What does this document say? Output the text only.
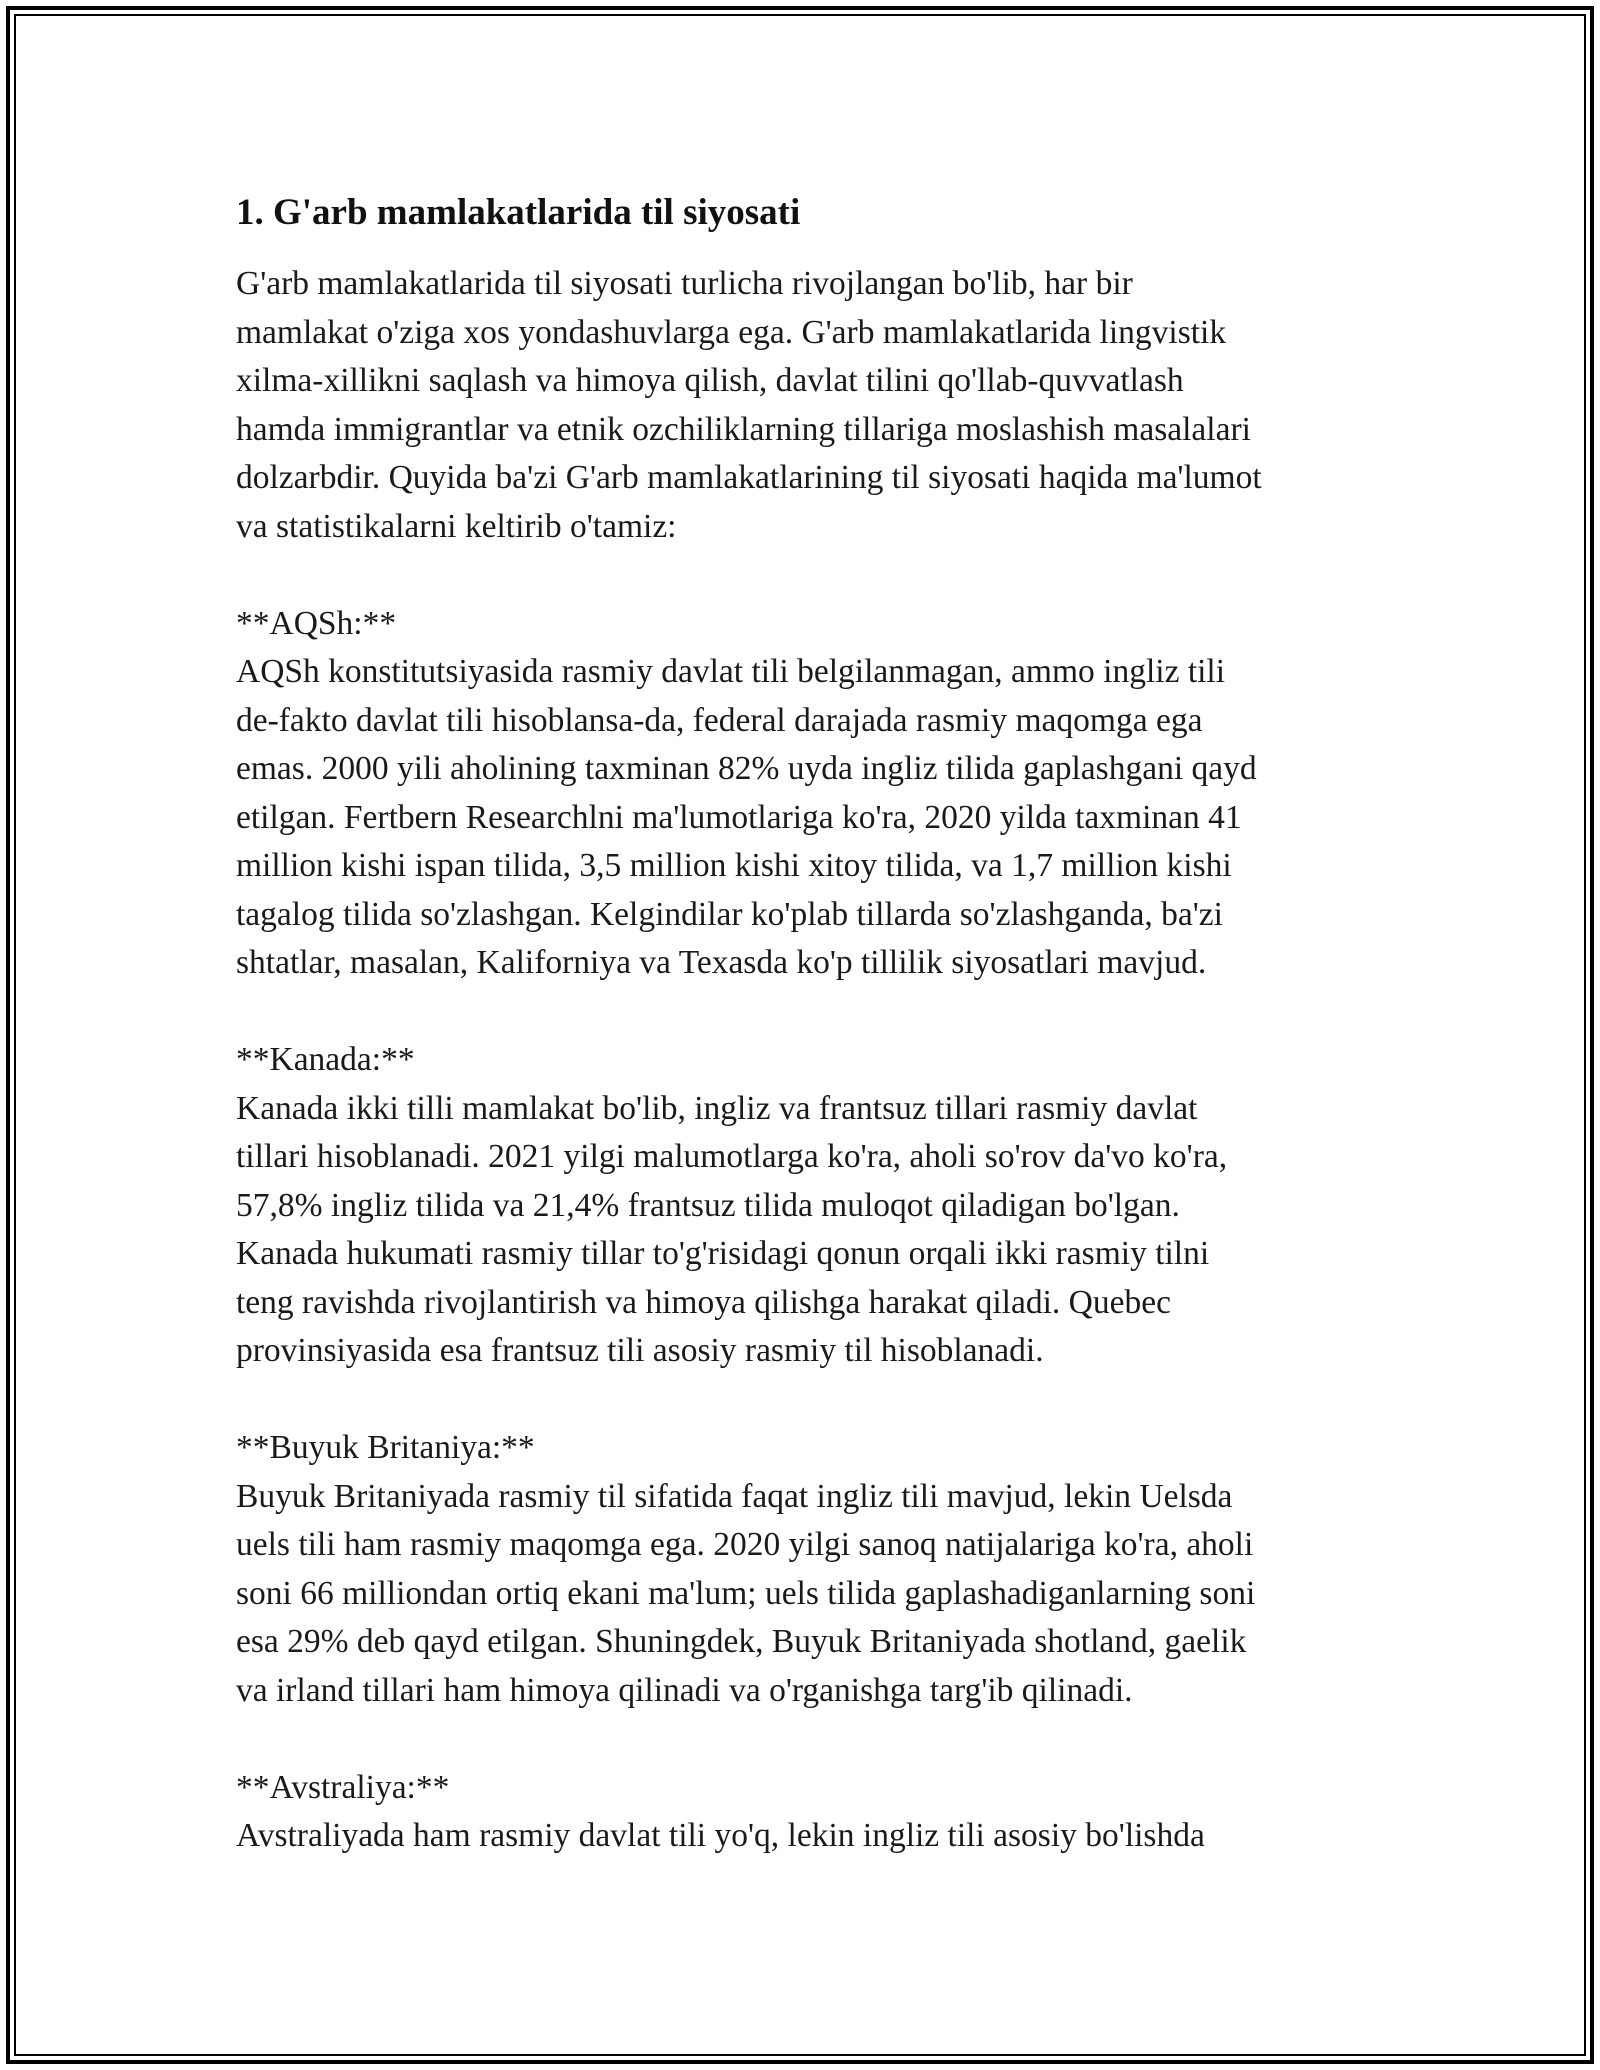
1. G'arb mamlakatlarida til siyosati

G'arb mamlakatlarida til siyosati turlicha rivojlangan bo'lib, har bir
mamlakat o'ziga xos yondashuvlarga ega. G'arb mamlakatlarida lingvistik
xilma-xillikni saqlash va himoya qilish, davlat tilini qo'llab-quvvatlash
hamda immigrantlar va etnik ozchiliklarning tillariga moslashish masalalari
dolzarbdir. Quyida ba'zi G'arb mamlakatlarining til siyosati haqida ma'lumot
va statistikalarni keltirib o'tamiz:

**AQSh:**

AQSh konstitutsiyasida rasmiy davlat tili belgilanmagan, ammo ingliz tili
de-fakto davlat tili hisoblansa-da, federal darajada rasmiy maqomga ega
emas. 2000 yili aholining taxminan 82% uyda ingliz tilida gaplashgani qayd
etilgan. Fertbern Researchlni ma'lumotlariga ko'ra, 2020 yilda taxminan 41
million kishi ispan tilida, 3,5 million kishi xitoy tilida, va 1,7 million kishi
tagalog tilida so'zlashgan. Kelgindilar ko'plab tillarda so'zlashganda, ba'zi
shtatlar, masalan, Kaliforniya va Texasda ko'p tillilik siyosatlari mavjud.

**Kanada:**

Kanada ikki tilli mamlakat bo'lib, ingliz va frantsuz tillari rasmiy davlat
tillari hisoblanadi. 2021 yilgi malumotlarga ko'ra, aholi so'rov da'vo ko'ra,
57,8% ingliz tilida va 21,4% frantsuz tilida muloqot qiladigan bo'lgan.
Kanada hukumati rasmiy tillar to'g'risidagi qonun orqali ikki rasmiy tilni
teng ravishda rivojlantirish va himoya qilishga harakat qiladi. Quebec
provinsiyasida esa frantsuz tili asosiy rasmiy til hisoblanadi.

**Buyuk Britaniya:**

Buyuk Britaniyada rasmiy til sifatida faqat ingliz tili mavjud, lekin Uelsda
uels tili ham rasmiy maqomga ega. 2020 yilgi sanoq natijalariga ko'ra, aholi
soni 66 milliondan ortiq ekani ma'lum; uels tilida gaplashadiganlarning soni
esa 29% deb qayd etilgan. Shuningdek, Buyuk Britaniyada shotland, gaelik
va irland tillari ham himoya qilinadi va o'rganishga targ'ib qilinadi.

**Avstraliya:**

Avstraliyada ham rasmiy davlat tili yo'q, lekin ingliz tili asosiy bo'lishda
